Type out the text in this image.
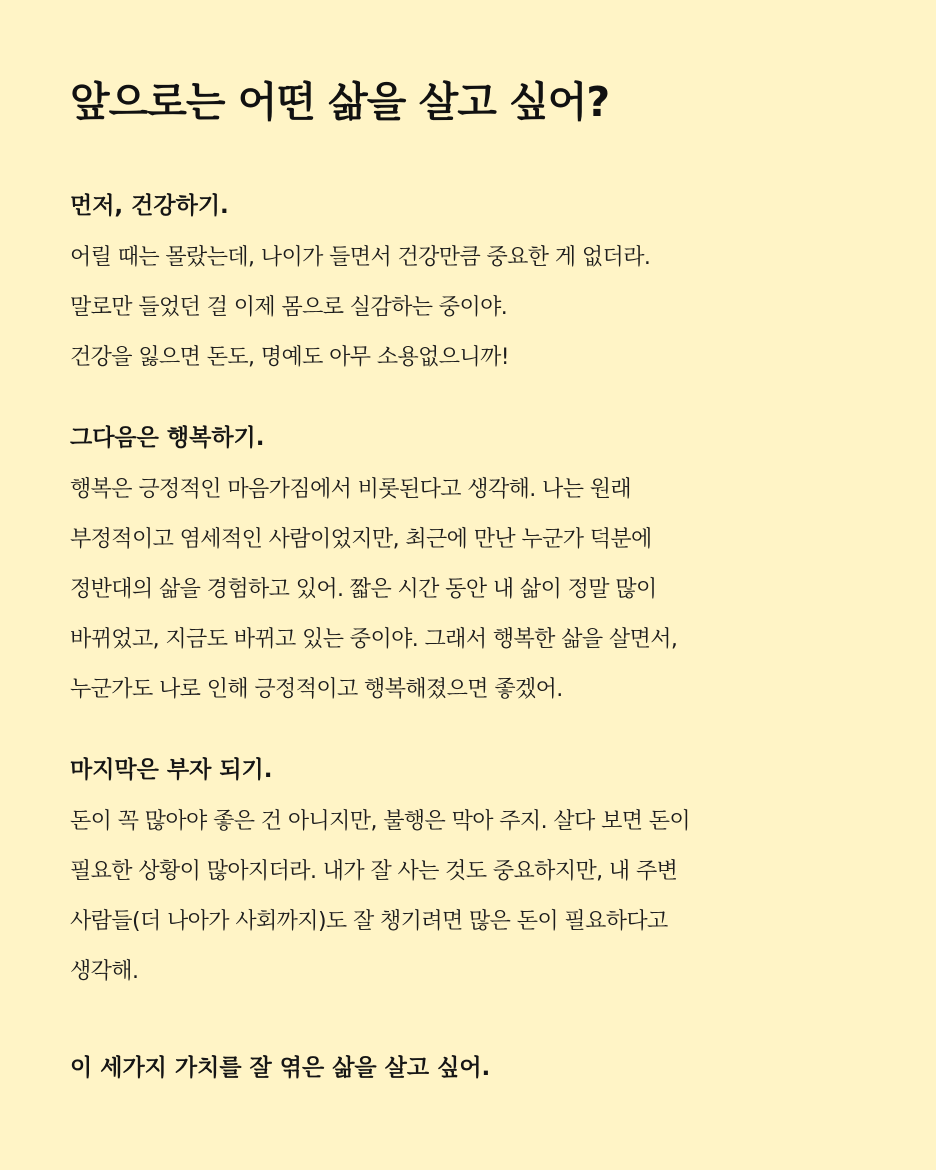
앞으로는 어떤 삶을 살고 싶어?

먼저, 건강하기.

어릴 때는 몰랐는데, 나이가 들면서 건강만큼 중요한 게 없더라.
말로만 들었던 걸 이제 몸으로 실감하는 중이야.
건강을 잃으면 돈도, 명예도 아무 소용없으니까!

그다음은 행복하기.

행복은 긍정적인 마음가짐에서 비롯된다고 생각해. 나는 원래
부정적이고 염세적인 사람이었지만, 최근에 만난 누군가 덕분에
정반대의 삶을 경험하고 있어. 짧은 시간 동안 내 삶이 정말 많이
바뀌었고, 지금도 바뀌고 있는 중이야. 그래서 행복한 삶을 살면서,
누군가도 나로 인해 긍정적이고 행복해졌으면 좋겠어.

마지막은 부자 되기.

돈이 꼭 많아야 좋은 건 아니지만, 불행은 막아 주지. 살다 보면 돈이
필요한 상황이 많아지더라. 내가 잘 사는 것도 중요하지만, 내 주변
사람들(더 나아가 사회까지)도 잘 챙기려면 많은 돈이 필요하다고
생각해.

이 세가지 가치를 잘 엮은 삶을 살고 싶어.
